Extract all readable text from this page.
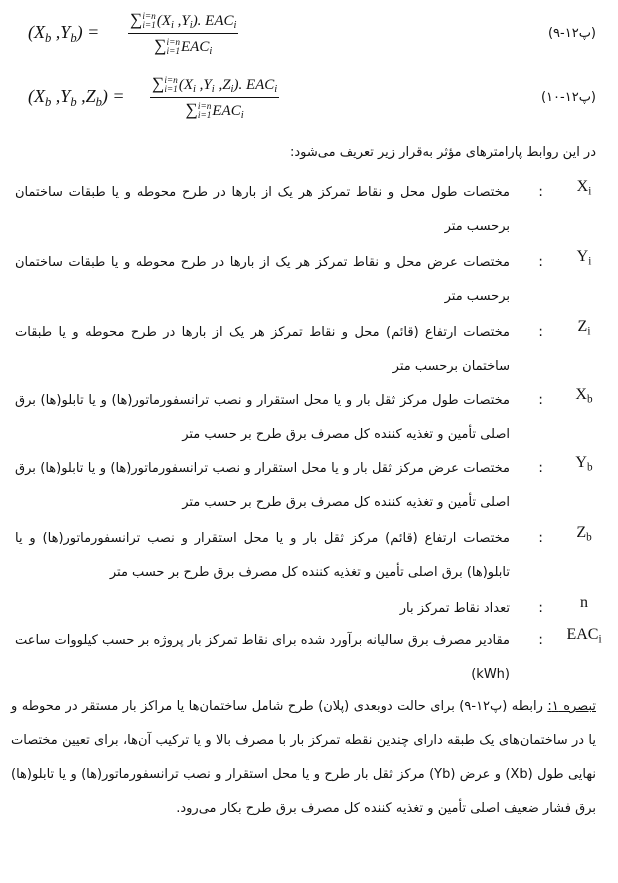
($X_b$ $,Y_b$) =
∑ i=n
i=1 ($X_i$ $,Y_i$). $EAC_i$
∑ i=n
i=1 $EAC_i$
(پ۱۲-۹)
($X_b$ $,Y_b$ $,Z_b$) =
∑ i=n
i=1 ($X_i$ $,Y_i$ $,Z_i$). $EAC_i$
∑ i=n
i=1 $EAC_i$
(پ۱۲-۱۰)
در این روابط پارامترهای مؤثر به‌قرار زیر تعریف می‌شود:
$X_i$
:
مختصات طول محل و نقاط تمرکز هر یک از بارها در طرح محوطه و یا طبقات ساختمان برحسب متر
$Y_i$
:
مختصات عرض محل و نقاط تمرکز هر یک از بارها در طرح محوطه و یا طبقات ساختمان برحسب متر
$Z_i$
:
مختصات ارتفاع (قائم) محل و نقاط تمرکز هر یک از بارها در طرح محوطه و یا طبقات ساختمان برحسب متر
$X_b$
:
مختصات طول مرکز ثقل بار و یا محل استقرار و نصب ترانسفورماتور(ها) و یا تابلو(ها) برق اصلی تأمین و تغذیه کننده کل مصرف برق طرح بر حسب متر
$Y_b$
:
مختصات عرض مرکز ثقل بار و یا محل استقرار و نصب ترانسفورماتور(ها) و یا تابلو(ها) برق اصلی تأمین و تغذیه کننده کل مصرف برق طرح بر حسب متر
$Z_b$
:
مختصات ارتفاع (قائم) مرکز ثقل بار و یا محل استقرار و نصب ترانسفورماتور(ها) و یا تابلو(ها) برق اصلی تأمین و تغذیه کننده کل مصرف برق طرح بر حسب متر
n
:
تعداد نقاط تمرکز بار
$EAC_i$
:
مقادیر مصرف برق سالیانه برآورد شده برای نقاط تمرکز بار پروژه بر حسب کیلووات ساعت (kWh)
تبصره ۱: رابطه (پ۱۲-۹) برای حالت دوبعدی (پلان) طرح شامل ساختمان‌ها یا مراکز بار مستقر در محوطه و یا در ساختمان‌های یک طبقه دارای چندین نقطه تمرکز بار با مصرف بالا و یا ترکیب آن‌ها، برای تعیین مختصات نهایی طول (Xb) و عرض (Yb) مرکز ثقل بار طرح و یا محل استقرار و نصب ترانسفورماتور(ها) و یا تابلو(ها) برق فشار ضعیف اصلی تأمین و تغذیه کننده کل مصرف برق طرح بکار می‌رود.
